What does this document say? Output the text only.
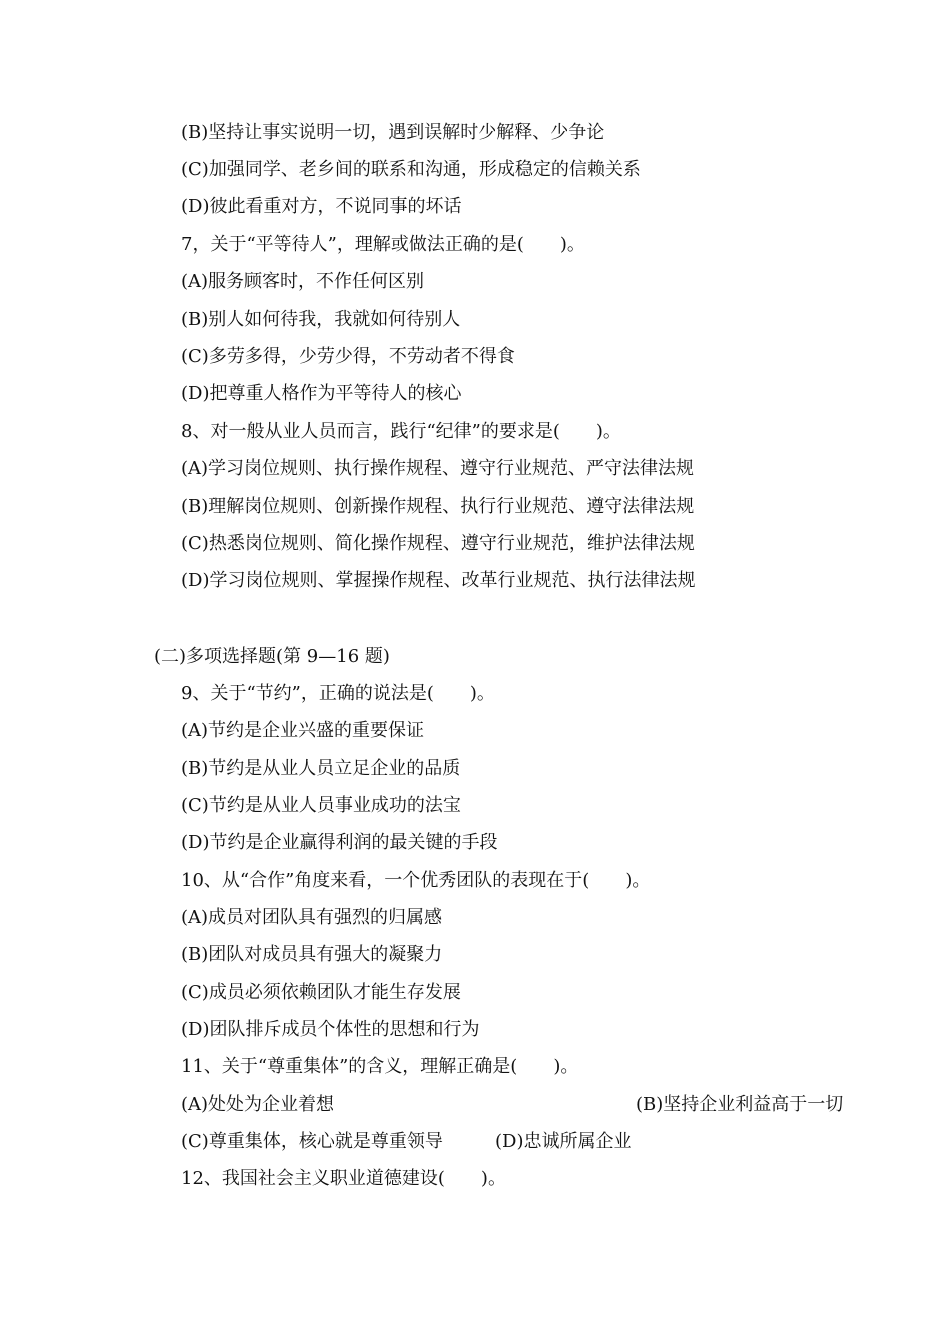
(B)坚持让事实说明一切，遇到误解时少解释、少争论
(C)加强同学、老乡间的联系和沟通，形成稳定的信赖关系
(D)彼此看重对方，不说同事的坏话
7，关于“平等待人”，理解或做法正确的是(　　)。
(A)服务顾客时，不作任何区别
(B)别人如何待我，我就如何待别人
(C)多劳多得，少劳少得，不劳动者不得食
(D)把尊重人格作为平等待人的核心
8、对一般从业人员而言，践行“纪律”的要求是(　　)。
(A)学习岗位规则、执行操作规程、遵守行业规范、严守法律法规
(B)理解岗位规则、创新操作规程、执行行业规范、遵守法律法规
(C)热悉岗位规则、简化操作规程、遵守行业规范，维护法律法规
(D)学习岗位规则、掌握操作规程、改革行业规范、执行法律法规
(二)多项选择题(第 9—16 题)
9、关于“节约”，正确的说法是(　　)。
(A)节约是企业兴盛的重要保证
(B)节约是从业人员立足企业的品质
(C)节约是从业人员事业成功的法宝
(D)节约是企业赢得利润的最关键的手段
10、从“合作”角度来看，一个优秀团队的表现在于(　　)。
(A)成员对团队具有强烈的归属感
(B)团队对成员具有强大的凝聚力
(C)成员必须依赖团队才能生存发展
(D)团队排斥成员个体性的思想和行为
11、关于“尊重集体”的含义，理解正确是(　　)。
(A)处处为企业着想	(B)坚持企业利益高于一切
(C)尊重集体，核心就是尊重领导	(D)忠诚所属企业
12、我国社会主义职业道德建设(　　)。
